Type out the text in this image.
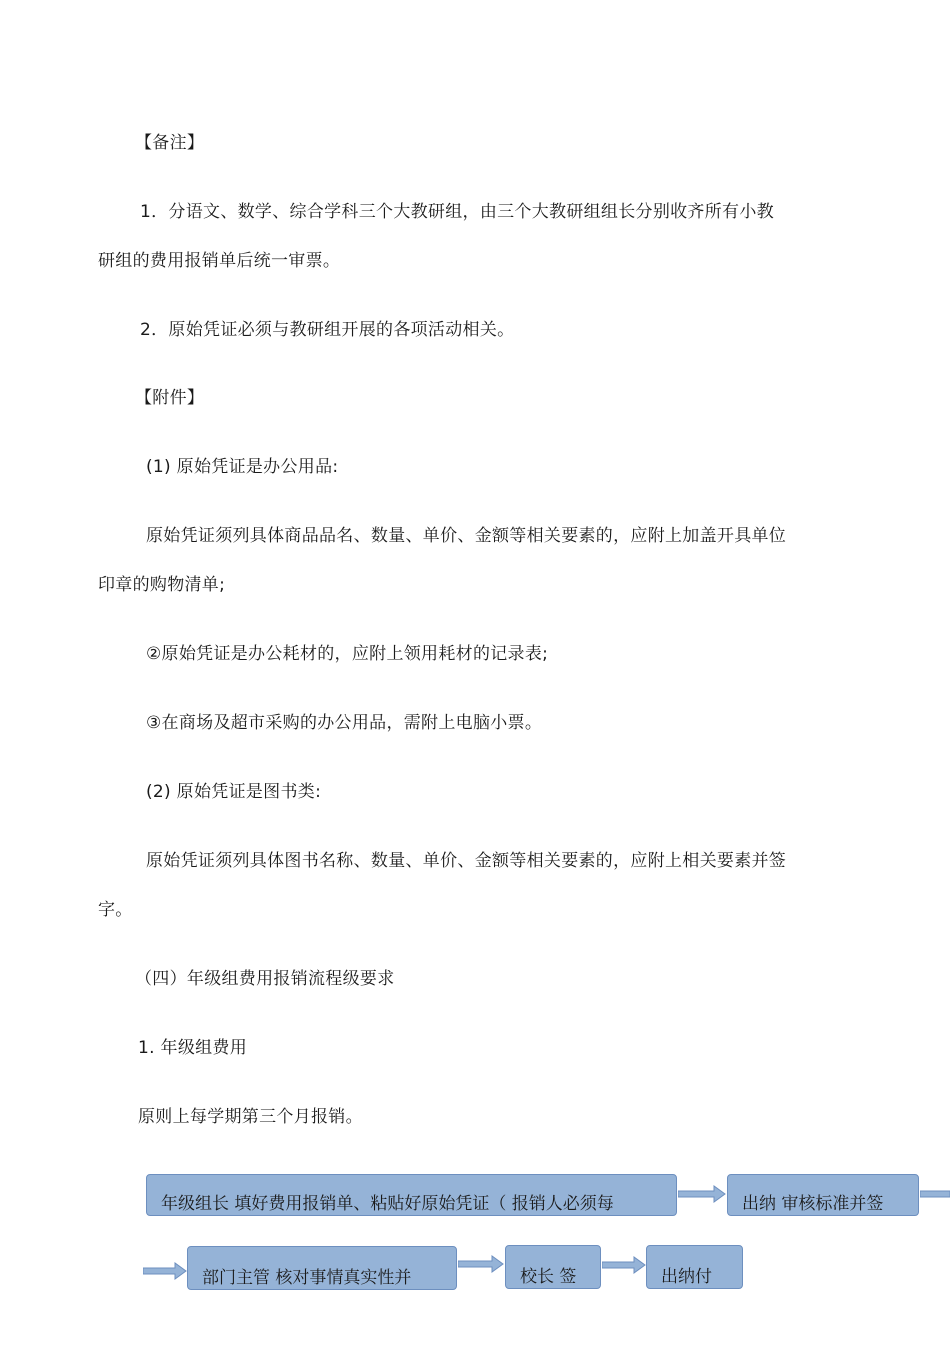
【备注】
1．分语文、数学、综合学科三个大教研组，由三个大教研组组长分别收齐所有小教
研组的费用报销单后统一审票。
2．原始凭证必须与教研组开展的各项活动相关。
【附件】
(1) 原始凭证是办公用品:
原始凭证须列具体商品品名、数量、单价、金额等相关要素的，应附上加盖开具单位
印章的购物清单;
②原始凭证是办公耗材的，应附上领用耗材的记录表;
③在商场及超市采购的办公用品，需附上电脑小票。
(2) 原始凭证是图书类:
原始凭证须列具体图书名称、数量、单价、金额等相关要素的，应附上相关要素并签
字。
（四）年级组费用报销流程级要求
1. 年级组费用
原则上每学期第三个月报销。
年级组长 填好费用报销单、粘贴好原始凭证（ 报销人必须每	出纳 审核标准并签
部门主管 核对事情真实性并	校长 签	出纳付
